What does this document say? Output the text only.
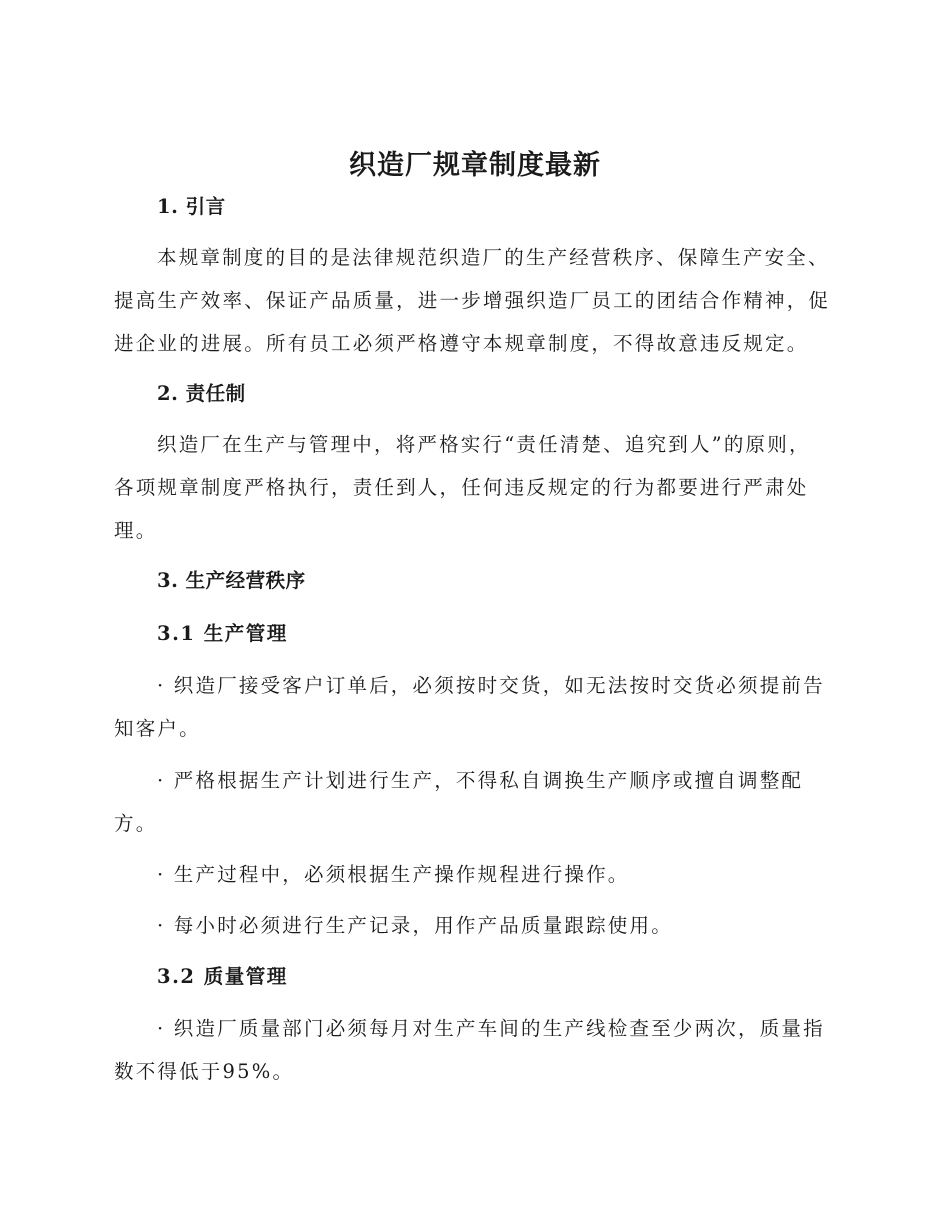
织造厂规章制度最新
1. 引言

本规章制度的目的是法律规范织造厂的生产经营秩序、保障生产安全、提高生产效率、保证产品质量，进一步增强织造厂员工的团结合作精神，促进企业的进展。所有员工必须严格遵守本规章制度，不得故意违反规定。

2. 责任制

织造厂在生产与管理中，将严格实行“责任清楚、追究到人”的原则，各项规章制度严格执行，责任到人，任何违反规定的行为都要进行严肃处理。

3. 生产经营秩序
3.1 生产管理

· 织造厂接受客户订单后，必须按时交货，如无法按时交货必须提前告知客户。

· 严格根据生产计划进行生产，不得私自调换生产顺序或擅自调整配方。

· 生产过程中，必须根据生产操作规程进行操作。

· 每小时必须进行生产记录，用作产品质量跟踪使用。

3.2 质量管理

· 织造厂质量部门必须每月对生产车间的生产线检查至少两次，质量指数不得低于95%。
